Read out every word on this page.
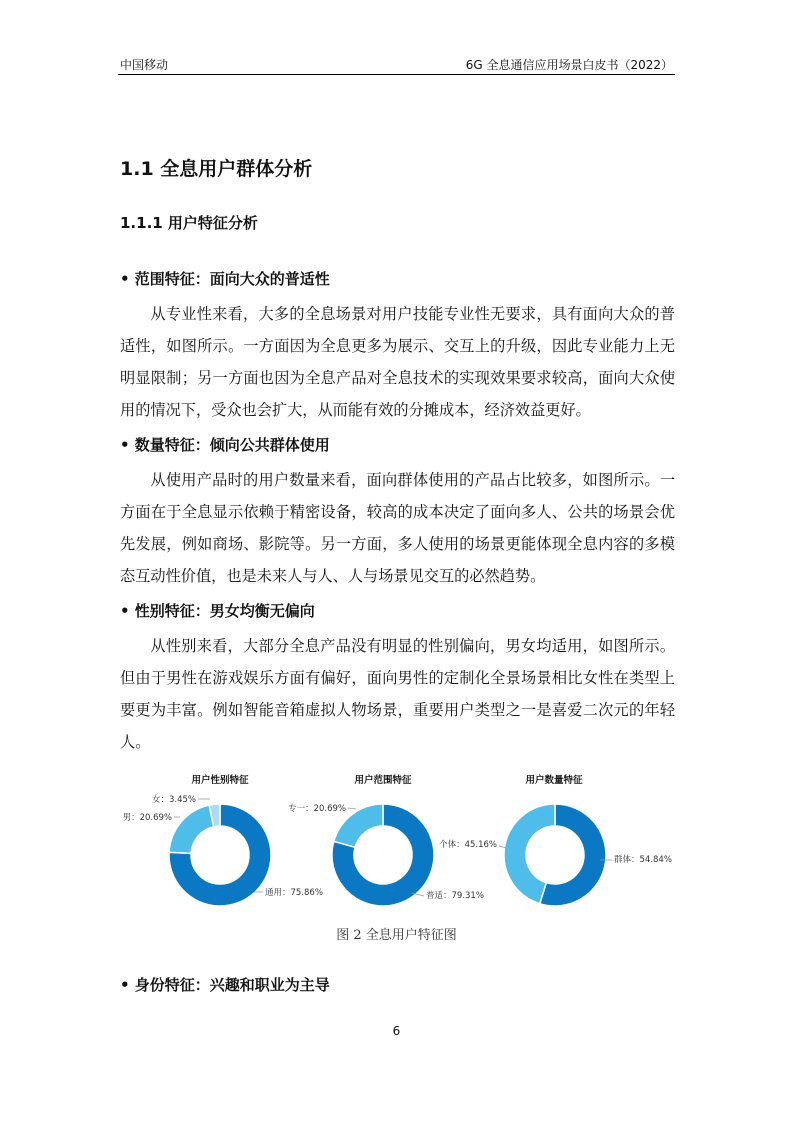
中国移动	6G 全息通信应用场景白皮书（2022）
1.1 全息用户群体分析
1.1.1 用户特征分析
• 范围特征：面向大众的普适性

从专业性来看，大多的全息场景对用户技能专业性无要求，具有面向大众的普适性，如图所示。一方面因为全息更多为展示、交互上的升级，因此专业能力上无明显限制；另一方面也因为全息产品对全息技术的实现效果要求较高，面向大众使用的情况下，受众也会扩大，从而能有效的分摊成本，经济效益更好。

• 数量特征：倾向公共群体使用

从使用产品时的用户数量来看，面向群体使用的产品占比较多，如图所示。一方面在于全息显示依赖于精密设备，较高的成本决定了面向多人、公共的场景会优先发展，例如商场、影院等。另一方面，多人使用的场景更能体现全息内容的多模态互动性价值，也是未来人与人、人与场景见交互的必然趋势。

• 性别特征：男女均衡无偏向

从性别来看，大部分全息产品没有明显的性别偏向，男女均适用，如图所示。但由于男性在游戏娱乐方面有偏好，面向男性的定制化全景场景相比女性在类型上要更为丰富。例如智能音箱虚拟人物场景，重要用户类型之一是喜爱二次元的年轻人。

用户性别特征	用户范围特征	用户数量特征
通用：75.86%
男：20.69%
女：3.45%
普适：79.31%
专一：20.69%
群体：54.84%
个体：45.16%
图 2 全息用户特征图
• 身份特征：兴趣和职业为主导
6
